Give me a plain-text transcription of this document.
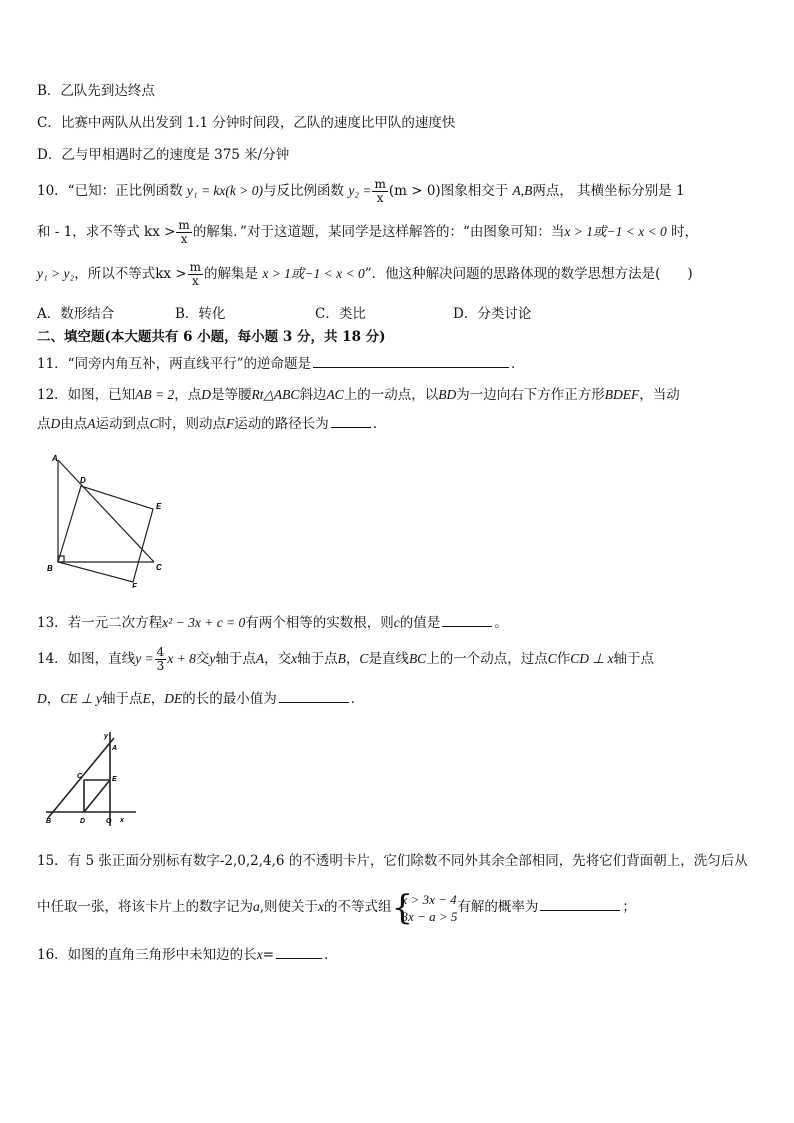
B．乙队先到达终点
C．比赛中两队从出发到 1.1 分钟时间段，乙队的速度比甲队的速度快
D．乙与甲相遇时乙的速度是 375 米/分钟
10．“已知：正比例函数 y₁ = kx(k > 0)与反比例函数 $y_2 = \frac{m}{x} (m > 0)$图象相交于 A,B两点， 其横坐标分别是 1
和 - 1，求不等式 kx > $\frac{m}{x}$ 的解集．”对于这道题，某同学是这样解答的：“由图象可知：当x > 1或−1 < x < 0 时，
y₁ > y₂，所以不等式kx > $\frac{m}{x}$ 的解集是 x > 1或−1 < x < 0”．他这种解决问题的思路体现的数学思想方法是(　　)
A．数形结合	B．转化	C．类比	D．分类讨论
二、填空题(本大题共有 6 小题，每小题 3 分，共 18 分)
11．“同旁内角互补，两直线平行”的逆命题是	.
12．如图，已知AB = 2，点D是等腰Rt△ABC斜边AC上的一动点，以BD为一边向右下方作正方形BDEF，当动
点D由点A运动到点C时，则动点F运动的路径长为	.
A
D
E
B	C
F
13．若一元二次方程x² − 3x + c = 0有两个相等的实数根，则c的值是	。
14．如图，直线$y = \frac{4}{3}$ x + 8交y轴于点A，交x轴于点B，C是直线BC上的一个动点，过点C作CD ⊥ x轴于点
D，CE ⊥ y轴于点E，DE的长的最小值为	．
y
A
C	E
B	D	O x
15．有 5 张正面分别标有数字-2,0,2,4,6 的不透明卡片，它们除数不同外其余全部相同，先将它们背面朝上，洗匀后从
中任取一张，将该卡片上的数字记为a,则使关于x的不等式组 {
x > 3x − 4
3x − a > 5
有解的概率为	；
16．如图的直角三角形中未知边的长x=	.
